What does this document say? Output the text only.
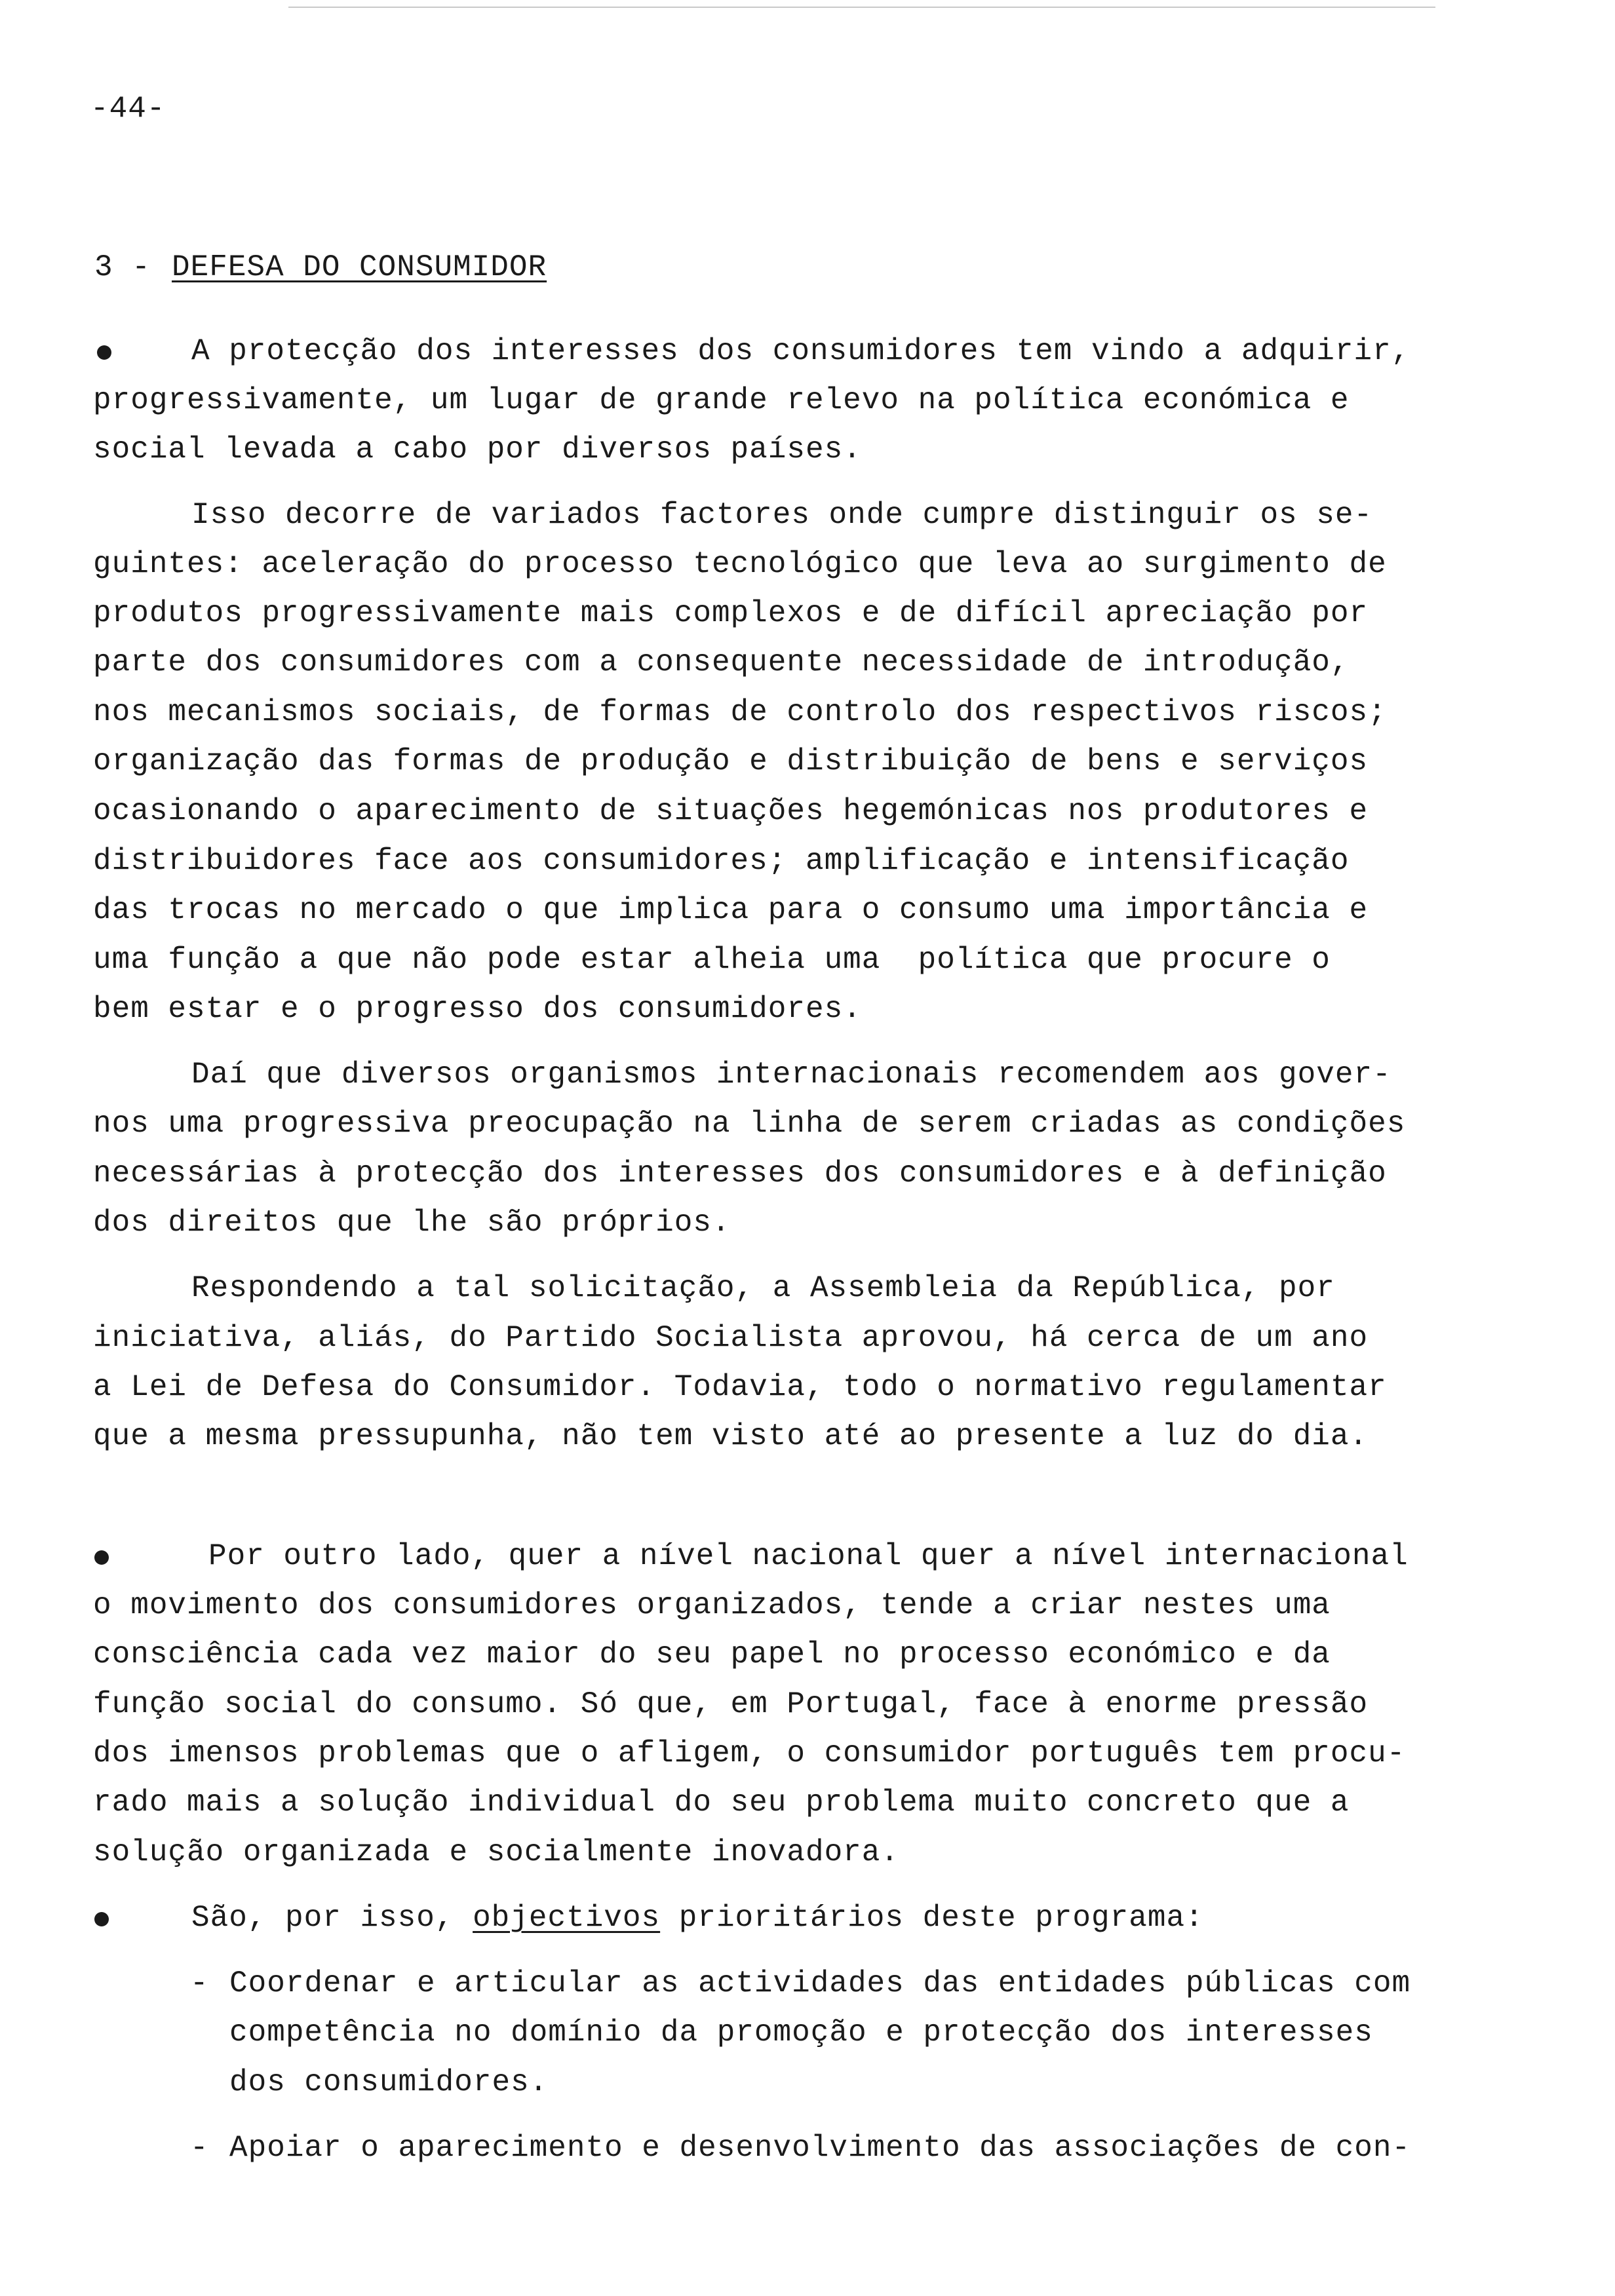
-44-
3 - DEFESA DO CONSUMIDOR
A protecção dos interesses dos consumidores tem vindo a adquirir,
progressivamente, um lugar de grande relevo na política económica e
social levada a cabo por diversos países.
Isso decorre de variados factores onde cumpre distinguir os se-
guintes: aceleração do processo tecnológico que leva ao surgimento de
produtos progressivamente mais complexos e de difícil apreciação por
parte dos consumidores com a consequente necessidade de introdução,
nos mecanismos sociais, de formas de controlo dos respectivos riscos;
organização das formas de produção e distribuição de bens e serviços
ocasionando o aparecimento de situações hegemónicas nos produtores e
distribuidores face aos consumidores; amplificação e intensificação
das trocas no mercado o que implica para o consumo uma importância e
uma função a que não pode estar alheia uma  política que procure o
bem estar e o progresso dos consumidores.
Daí que diversos organismos internacionais recomendem aos gover-
nos uma progressiva preocupação na linha de serem criadas as condições
necessárias à protecção dos interesses dos consumidores e à definição
dos direitos que lhe são próprios.
Respondendo a tal solicitação, a Assembleia da República, por
iniciativa, aliás, do Partido Socialista aprovou, há cerca de um ano
a Lei de Defesa do Consumidor. Todavia, todo o normativo regulamentar
que a mesma pressupunha, não tem visto até ao presente a luz do dia.
Por outro lado, quer a nível nacional quer a nível internacional
o movimento dos consumidores organizados, tende a criar nestes uma
consciência cada vez maior do seu papel no processo económico e da
função social do consumo. Só que, em Portugal, face à enorme pressão
dos imensos problemas que o afligem, o consumidor português tem procu-
rado mais a solução individual do seu problema muito concreto que a
solução organizada e socialmente inovadora.
São, por isso, objectivos prioritários deste programa:
- Coordenar e articular as actividades das entidades públicas com
competência no domínio da promoção e protecção dos interesses
dos consumidores.
- Apoiar o aparecimento e desenvolvimento das associações de con-
